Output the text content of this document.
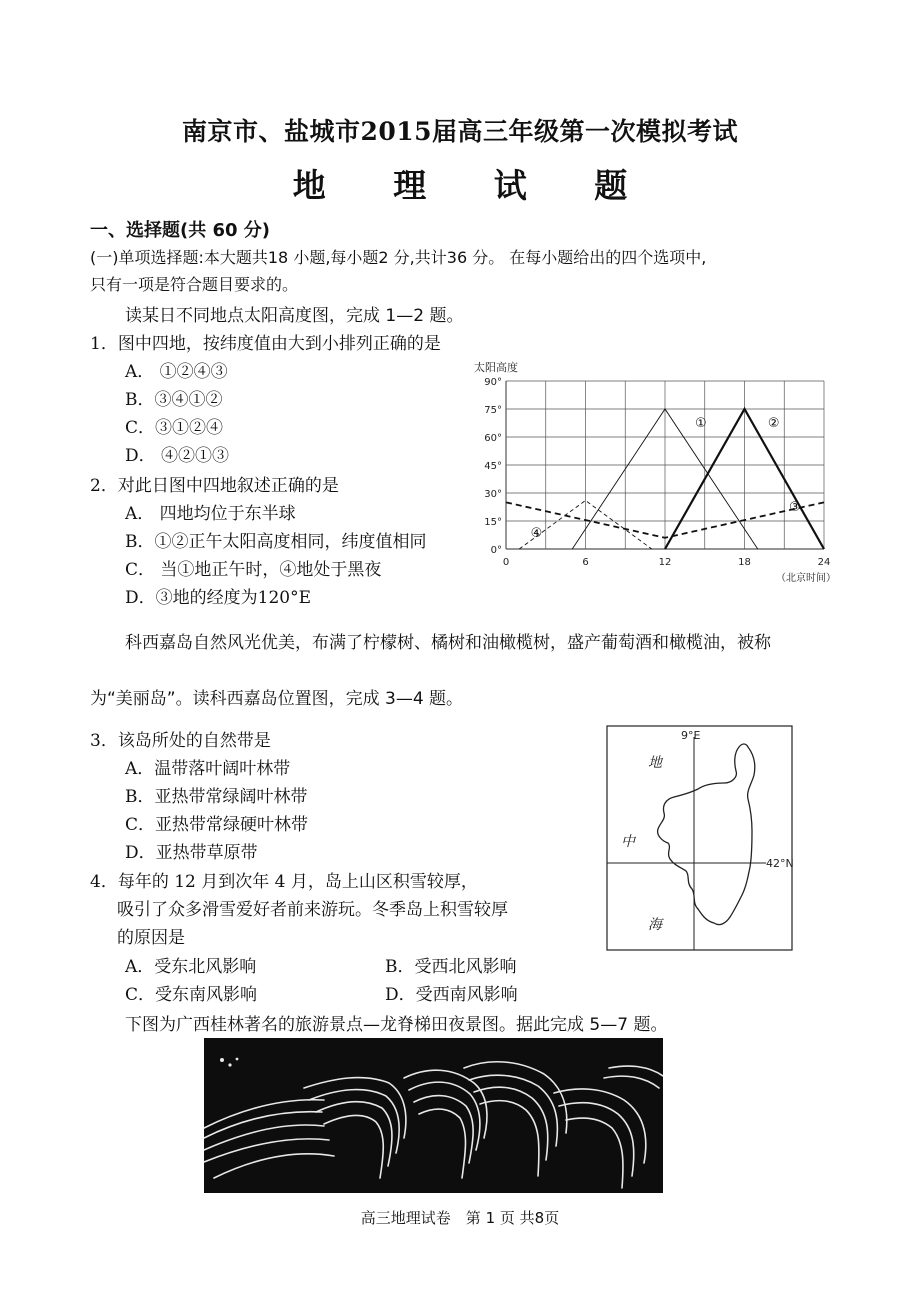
南京市、盐城市2015届高三年级第一次模拟考试
地 理 试 题
一、选择题(共 60 分)
(一)单项选择题:本大题共18 小题,每小题2 分,共计36 分。 在每小题给出的四个选项中,
只有一项是符合题目要求的。
读某日不同地点太阳高度图，完成 1—2 题。
1．图中四地，按纬度值由大到小排列正确的是
A． ①②④③
B．③④①②
C．③①②④
D． ④②①③
2．对此日图中四地叙述正确的是
A． 四地均位于东半球
B．①②正午太阳高度相同，纬度值相同
C． 当①地正午时，④地处于黑夜
D．③地的经度为120°E
太阳高度
0°
15°
30°
45°
60°
75°
90°
0	6	12	18	24
①	②
③
④
（北京时间）
科西嘉岛自然风光优美，布满了柠檬树、橘树和油橄榄树，盛产葡萄酒和橄榄油，被称
为“美丽岛”。读科西嘉岛位置图，完成 3—4 题。
3．该岛所处的自然带是
A．温带落叶阔叶林带
B．亚热带常绿阔叶林带
C．亚热带常绿硬叶林带
D．亚热带草原带
4．每年的 12 月到次年 4 月，岛上山区积雪较厚，
吸引了众多滑雪爱好者前来游玩。冬季岛上积雪较厚
的原因是
A．受东北风影响	B．受西北风影响
C．受东南风影响	D．受西南风影响
9°E
42°N
地
中
海
下图为广西桂林著名的旅游景点—龙脊梯田夜景图。据此完成 5—7 题。
高三地理试卷　第 1 页 共8页
